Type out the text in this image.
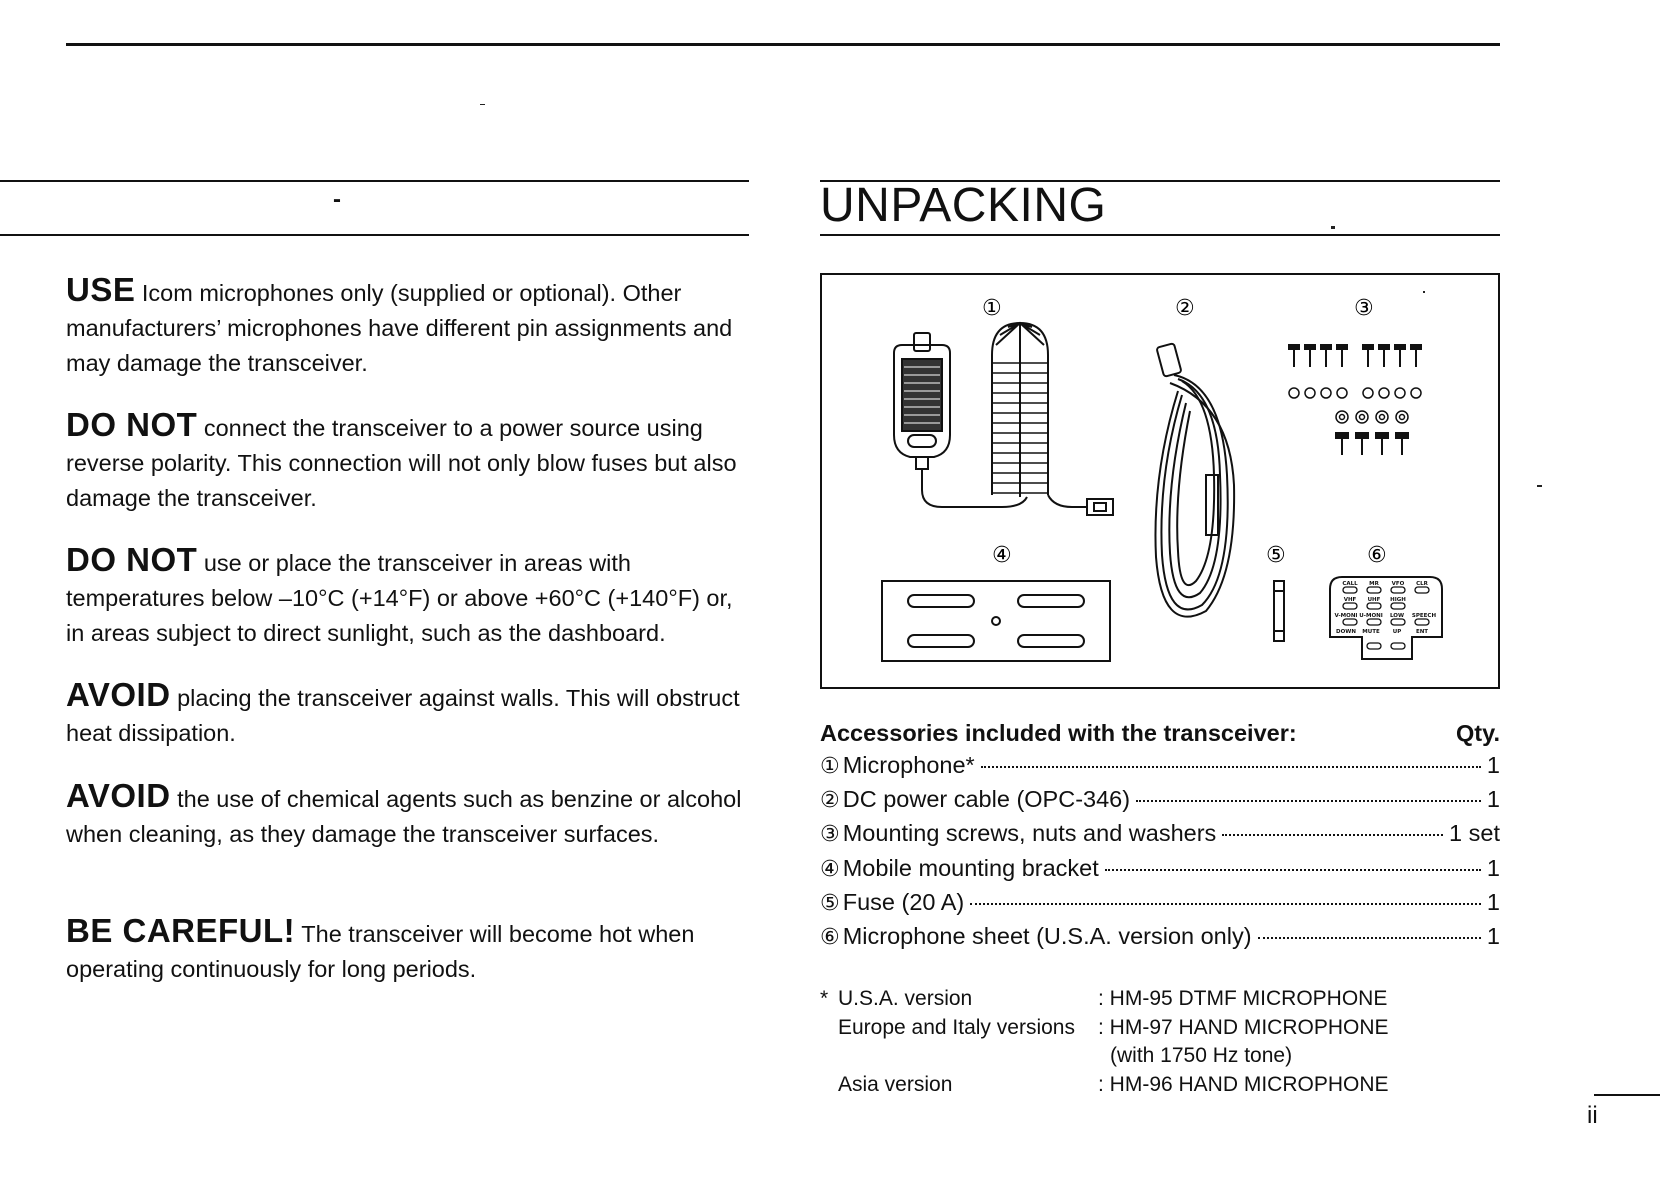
-

USE Icom microphones only (supplied or optional). Other manufacturers’ microphones have different pin assignments and may damage the transceiver.

DO NOT connect the transceiver to a power source using reverse polarity. This connection will not only blow fuses but also damage the transceiver.

DO NOT use or place the transceiver in areas with temperatures below –10°C (+14°F) or above +60°C (+140°F) or, in areas subject to direct sunlight, such as the dashboard.

AVOID placing the transceiver against walls. This will obstruct heat dissipation.

AVOID the use of chemical agents such as benzine or alcohol when cleaning, as they damage the transceiver surfaces.

BE CAREFUL! The transceiver will become hot when operating continuously for long periods.

UNPACKING
①	②	③
④	⑤	⑥
CALL MR VFO CLR
VHF UHF HIGH
V-MONI U-MONI LOW SPEECH
DOWN MUTE UP	ENT
Accessories included with the transceiver:	Qty.
① Microphone*	1
② DC power cable (OPC-346)	1
③ Mounting screws, nuts and washers	1 set
④ Mobile mounting bracket	1
⑤ Fuse (20 A)	1
⑥ Microphone sheet (U.S.A. version only)	1
* U.S.A. version	: HM-95 DTMF MICROPHONE
Europe and Italy versions	: HM-97 HAND MICROPHONE
(with 1750 Hz tone)
Asia version	: HM-96 HAND MICROPHONE
ii
